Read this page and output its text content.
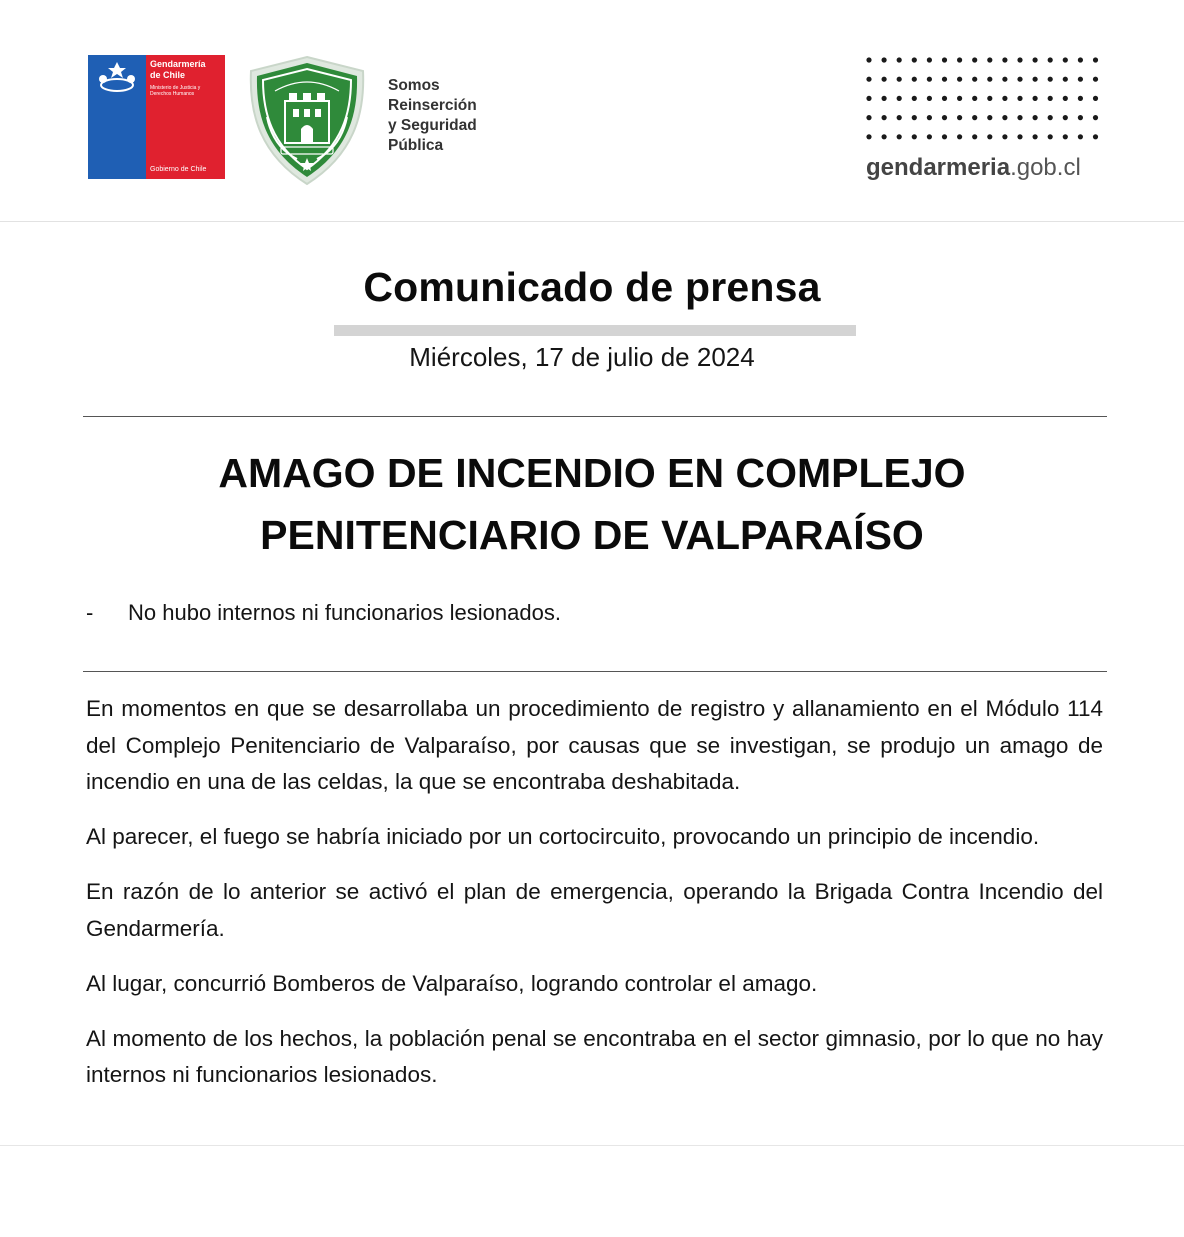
Gendarmería
de Chile
Ministerio de Justicia y Derechos Humanos
Gobierno de Chile
Somos
Reinserción
y Seguridad
Pública
gendarmeria.gob.cl
Comunicado de prensa
Miércoles, 17 de julio de 2024
AMAGO DE INCENDIO EN COMPLEJO
PENITENCIARIO DE VALPARAÍSO
- No hubo internos ni funcionarios lesionados.

En momentos en que se desarrollaba un procedimiento de registro y allanamiento en el Módulo 114 del Complejo Penitenciario de Valparaíso, por causas que se investigan, se produjo un amago de incendio en una de las celdas, la que se encontraba deshabitada.

Al parecer, el fuego se habría iniciado por un cortocircuito, provocando un principio de incendio.

En razón de lo anterior se activó el plan de emergencia, operando la Brigada Contra Incendio del Gendarmería.

Al lugar, concurrió Bomberos de Valparaíso, logrando controlar el amago.

Al momento de los hechos, la población penal se encontraba en el sector gimnasio, por lo que no hay internos ni funcionarios lesionados.
